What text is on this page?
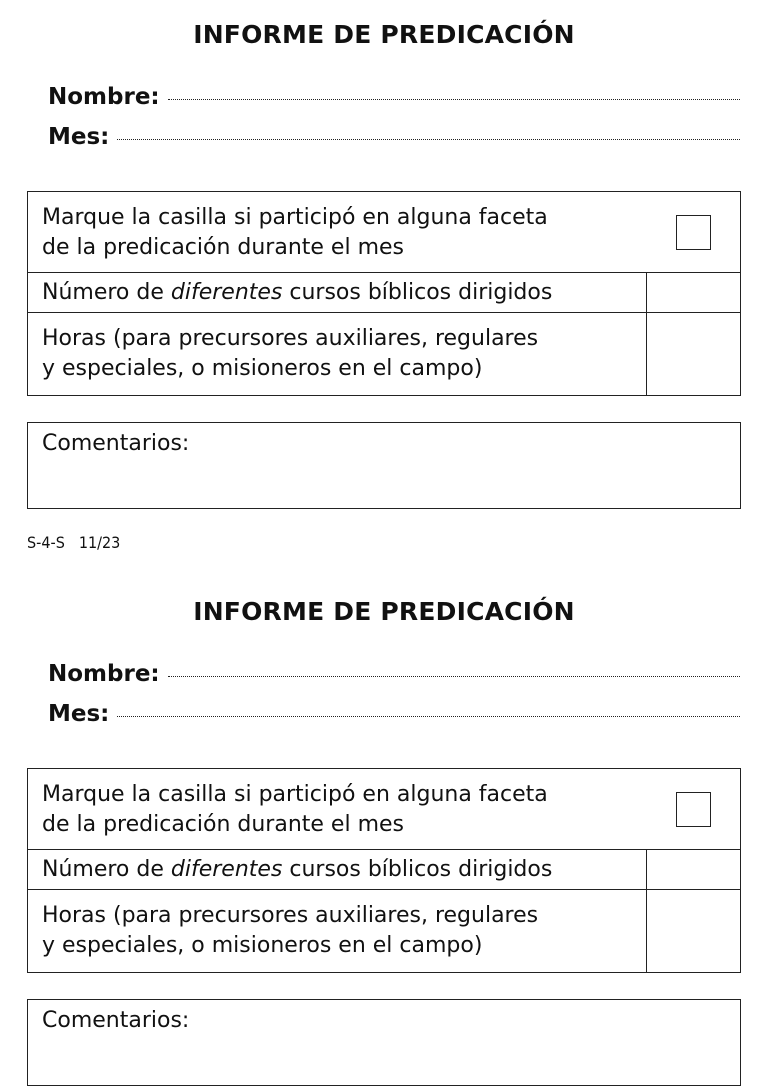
INFORME DE PREDICACIÓN
Nombre:
Mes:
Marque la casilla si participó en alguna faceta
de la predicación durante el mes
Número de diferentes cursos bíblicos dirigidos
Horas (para precursores auxiliares, regulares
y especiales, o misioneros en el campo)
Comentarios:
S-4-S 11/23
INFORME DE PREDICACIÓN
Nombre:
Mes:
Marque la casilla si participó en alguna faceta
de la predicación durante el mes
Número de diferentes cursos bíblicos dirigidos
Horas (para precursores auxiliares, regulares
y especiales, o misioneros en el campo)
Comentarios:
